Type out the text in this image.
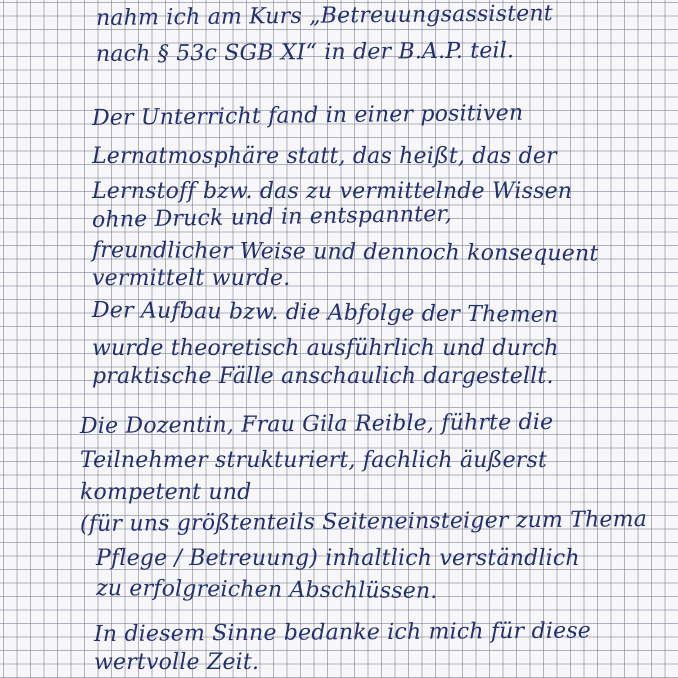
nahm ich am Kurs „Betreuungsassistent
nach § 53c SGB XI“ in der B.A.P. teil.
Der Unterricht fand in einer positiven
Lernatmosphäre statt, das heißt, das der
Lernstoff bzw. das zu vermittelnde Wissen
ohne Druck und in entspannter,
freundlicher Weise und dennoch konsequent
vermittelt wurde.
Der Aufbau bzw. die Abfolge der Themen
wurde theoretisch ausführlich und durch
praktische Fälle anschaulich dargestellt.
Die Dozentin, Frau Gila Reible, führte die
Teilnehmer strukturiert, fachlich äußerst
kompetent und
(für uns größtenteils Seiteneinsteiger zum Thema
Pflege / Betreuung) inhaltlich verständlich
zu erfolgreichen Abschlüssen.
In diesem Sinne bedanke ich mich für diese
wertvolle Zeit.
